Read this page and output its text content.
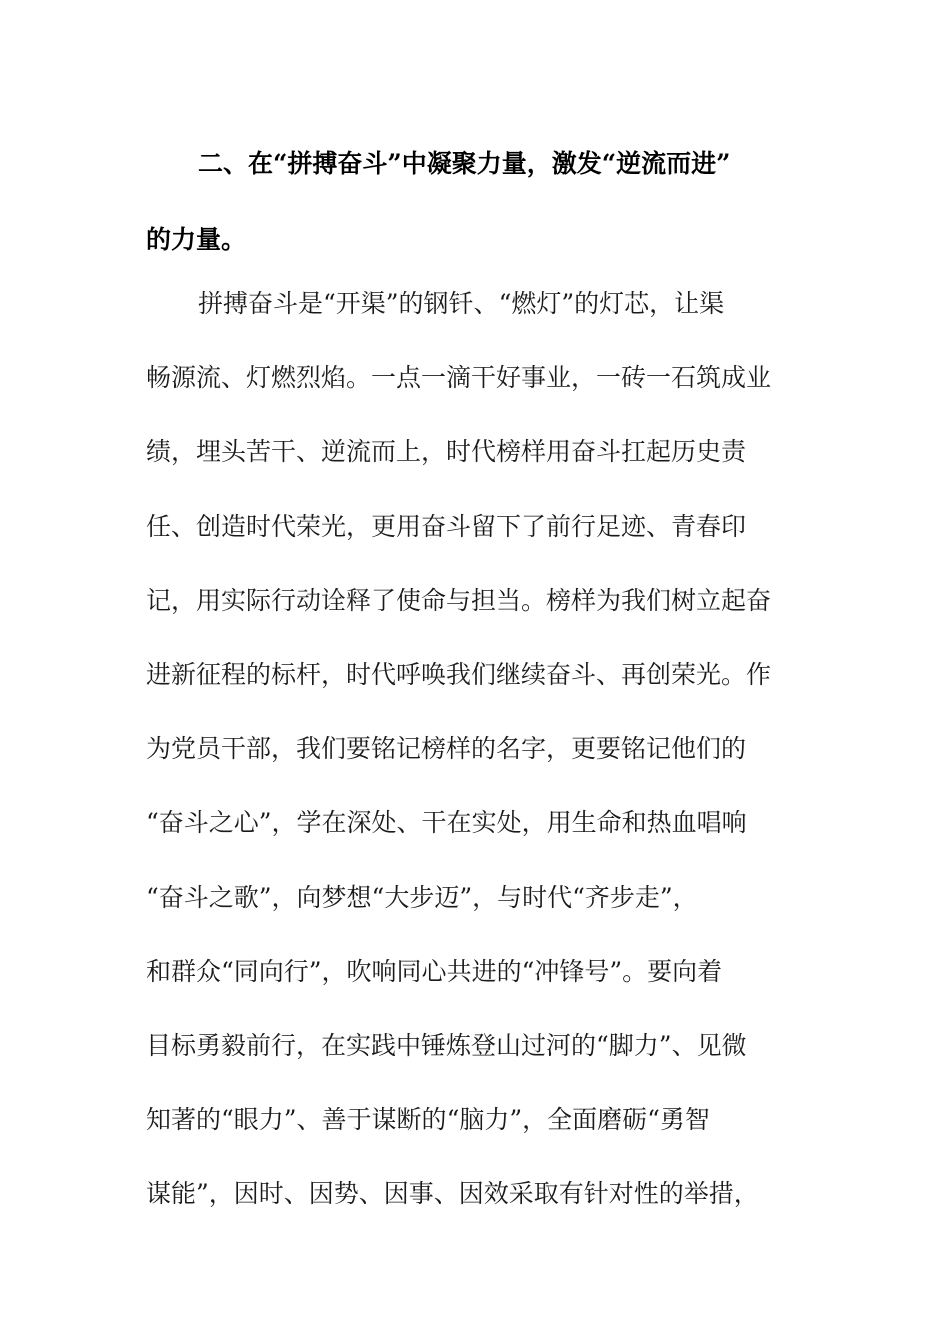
二、在“拼搏奋斗”中凝聚力量，激发“逆流而进”
的力量。

拼搏奋斗是“开渠”的钢钎、“燃灯”的灯芯，让渠
畅源流、灯燃烈焰。一点一滴干好事业，一砖一石筑成业
绩，埋头苦干、逆流而上，时代榜样用奋斗扛起历史责
任、创造时代荣光，更用奋斗留下了前行足迹、青春印
记，用实际行动诠释了使命与担当。榜样为我们树立起奋
进新征程的标杆，时代呼唤我们继续奋斗、再创荣光。作
为党员干部，我们要铭记榜样的名字，更要铭记他们的
“奋斗之心”，学在深处、干在实处，用生命和热血唱响
“奋斗之歌”，向梦想“大步迈”，与时代“齐步走”，
和群众“同向行”，吹响同心共进的“冲锋号”。要向着
目标勇毅前行，在实践中锤炼登山过河的“脚力”、见微
知著的“眼力”、善于谋断的“脑力”，全面磨砺“勇智
谋能”，因时、因势、因事、因效采取有针对性的举措，
